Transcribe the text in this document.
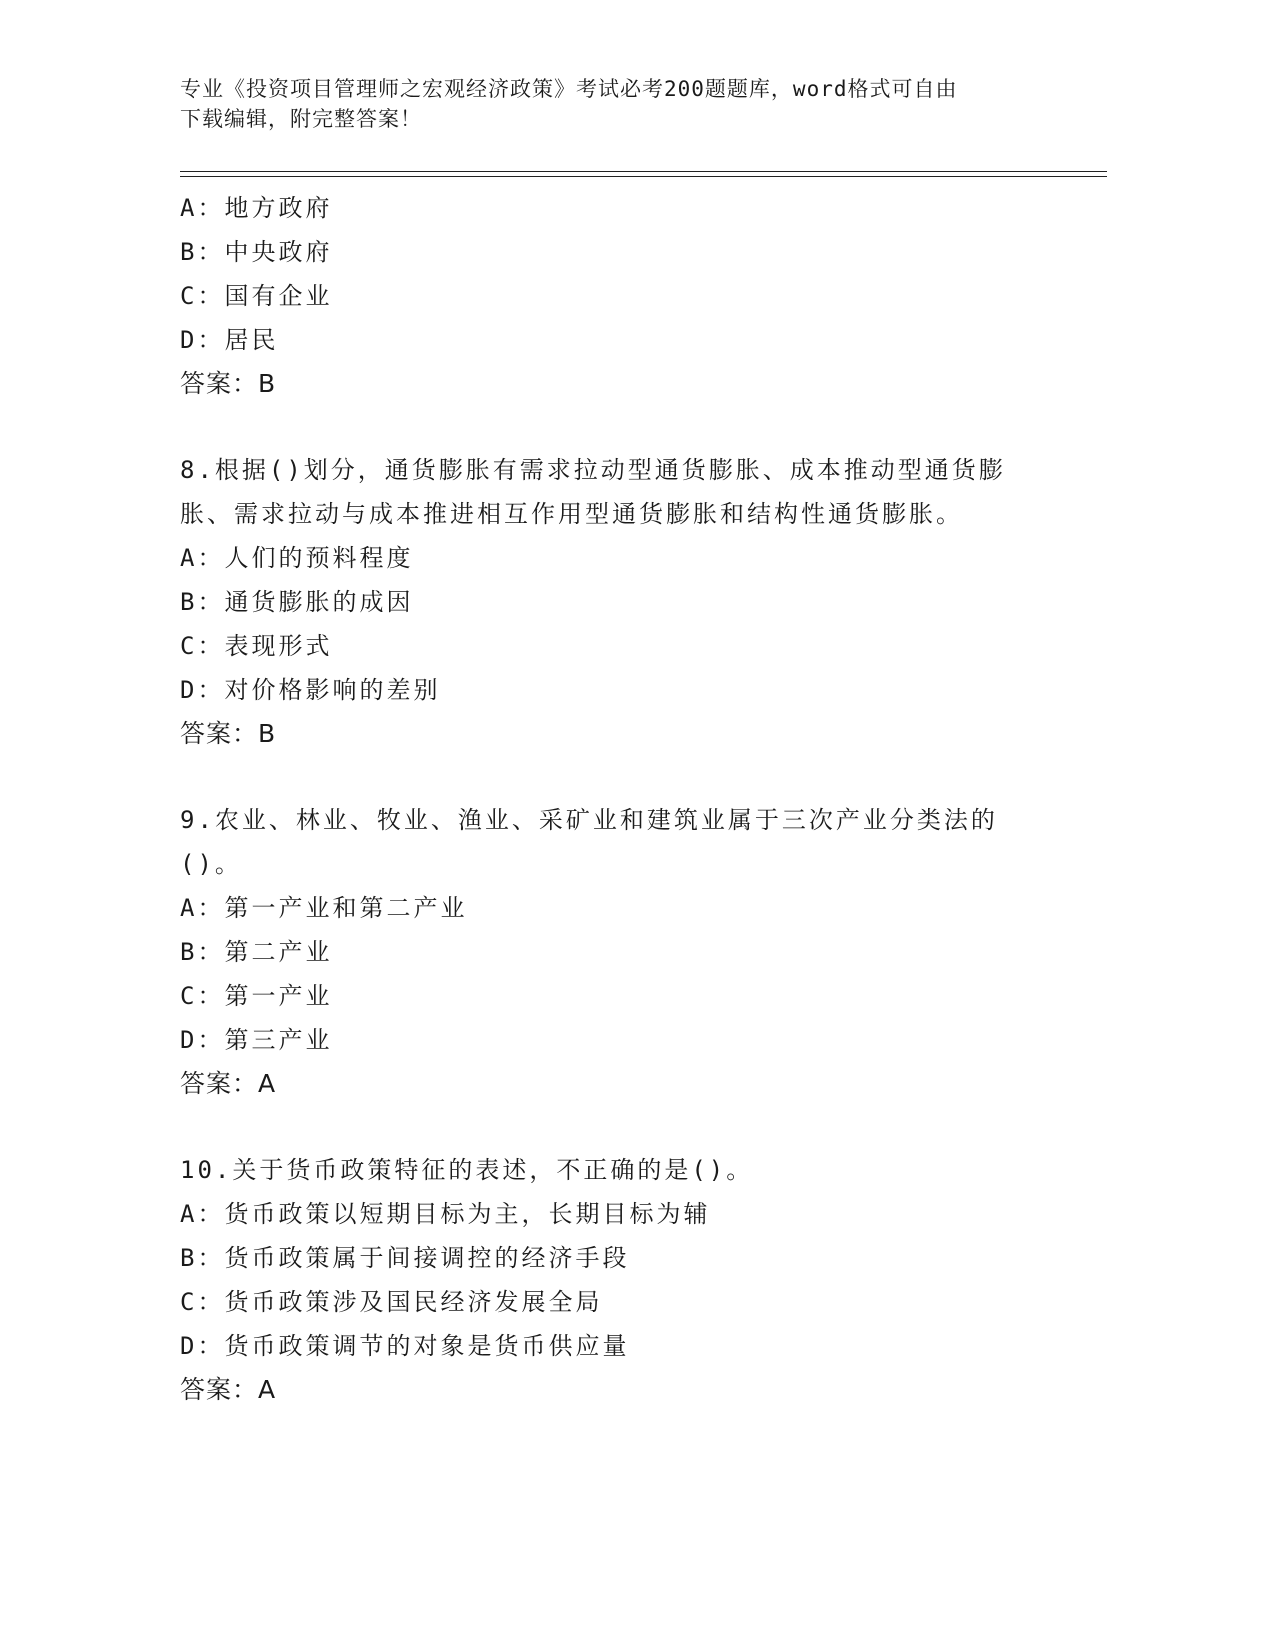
专业《投资项目管理师之宏观经济政策》考试必考200题题库，word格式可自由
下载编辑，附完整答案！
A：地方政府
B：中央政府
C：国有企业
D：居民
答案：B
8.根据()划分，通货膨胀有需求拉动型通货膨胀、成本推动型通货膨
胀、需求拉动与成本推进相互作用型通货膨胀和结构性通货膨胀。
A：人们的预料程度
B：通货膨胀的成因
C：表现形式
D：对价格影响的差别
答案：B
9.农业、林业、牧业、渔业、采矿业和建筑业属于三次产业分类法的
()。
A：第一产业和第二产业
B：第二产业
C：第一产业
D：第三产业
答案：A
10.关于货币政策特征的表述，不正确的是()。
A：货币政策以短期目标为主，长期目标为辅
B：货币政策属于间接调控的经济手段
C：货币政策涉及国民经济发展全局
D：货币政策调节的对象是货币供应量
答案：A
